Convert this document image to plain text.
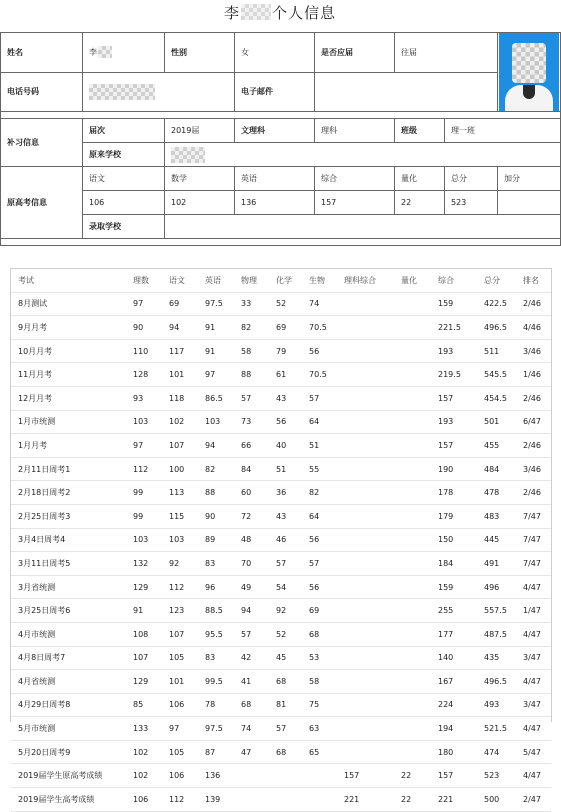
李 个人信息
姓名	李	性别	女	是否应届	往届		

电话号码			电子邮件				

补习信息	届次	2019届	文理科	理科	班级	理一班	
	原来学校						
原高考信息	语文	数学	英语	综合	量化	总分	加分
	106	102	136	157	22	523	
	录取学校						

考试	理数	语文	英语	物理	化学	生物	理科综合	量化	综合	总分	排名
8月测试	97	69	97.5	33	52	74			159	422.5	2/46
9月月考	90	94	91	82	69	70.5			221.5	496.5	4/46
10月月考	110	117	91	58	79	56			193	511	3/46
11月月考	128	101	97	88	61	70.5			219.5	545.5	1/46
12月月考	93	118	86.5	57	43	57			157	454.5	2/46
1月市统测	103	102	103	73	56	64			193	501	6/47
1月月考	97	107	94	66	40	51			157	455	2/46
2月11日周考1	112	100	82	84	51	55			190	484	3/46
2月18日周考2	99	113	88	60	36	82			178	478	2/46
2月25日周考3	99	115	90	72	43	64			179	483	7/47
3月4日周考4	103	103	89	48	46	56			150	445	7/47
3月11日周考5	132	92	83	70	57	57			184	491	7/47
3月省统测	129	112	96	49	54	56			159	496	4/47
3月25日周考6	91	123	88.5	94	92	69			255	557.5	1/47
4月市统测	108	107	95.5	57	52	68			177	487.5	4/47
4月8日周考7	107	105	83	42	45	53			140	435	3/47
4月省统测	129	101	99.5	41	68	58			167	496.5	4/47
4月29日周考8	85	106	78	68	81	75			224	493	3/47
5月市统测	133	97	97.5	74	57	63			194	521.5	4/47
5月20日周考9	102	105	87	47	68	65			180	474	5/47
2019届学生原高考成绩	102	106	136				157	22	157	523	4/47
2019届学生高考成绩	106	112	139				221	22	221	500	2/47
